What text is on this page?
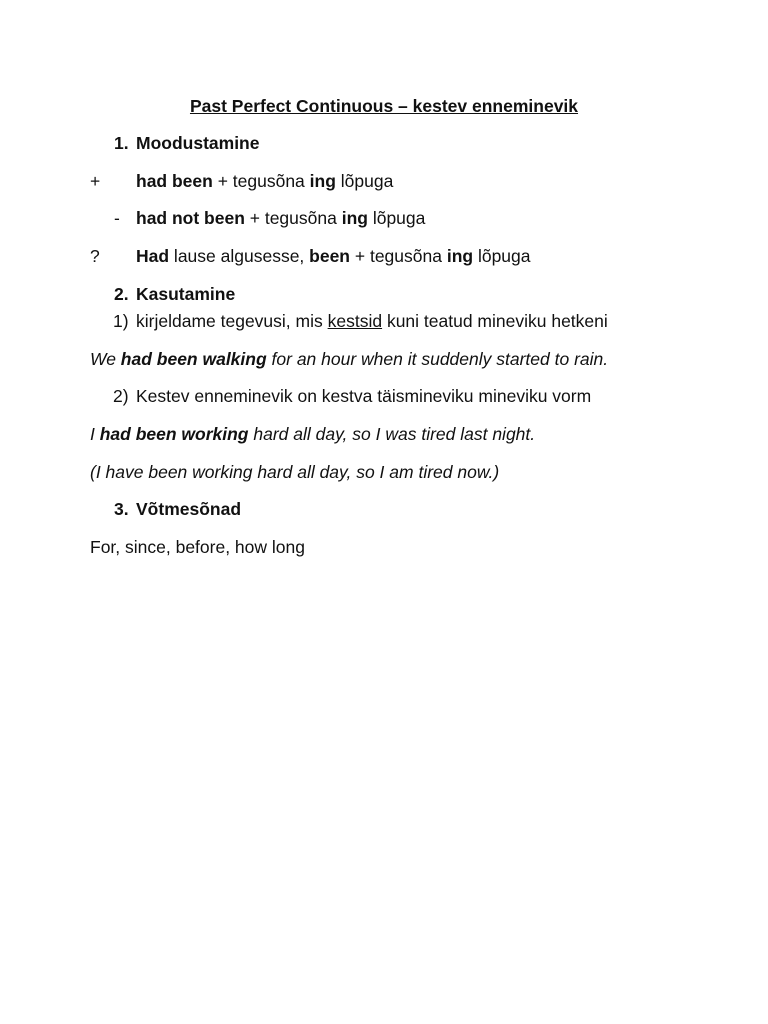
Past Perfect Continuous – kestev enneminevik
1. Moodustamine
+ had been + tegusõna ing lõpuga
- had not been + tegusõna ing lõpuga
? Had lause algusesse, been + tegusõna ing lõpuga
2. Kasutamine
1) kirjeldame tegevusi, mis kestsid kuni teatud mineviku hetkeni
We had been walking for an hour when it suddenly started to rain.
2) Kestev enneminevik on kestva täismineviku mineviku vorm
I had been working hard all day, so I was tired last night.
(I have been working hard all day, so I am tired now.)
3. Võtmesõnad
For, since, before, how long
